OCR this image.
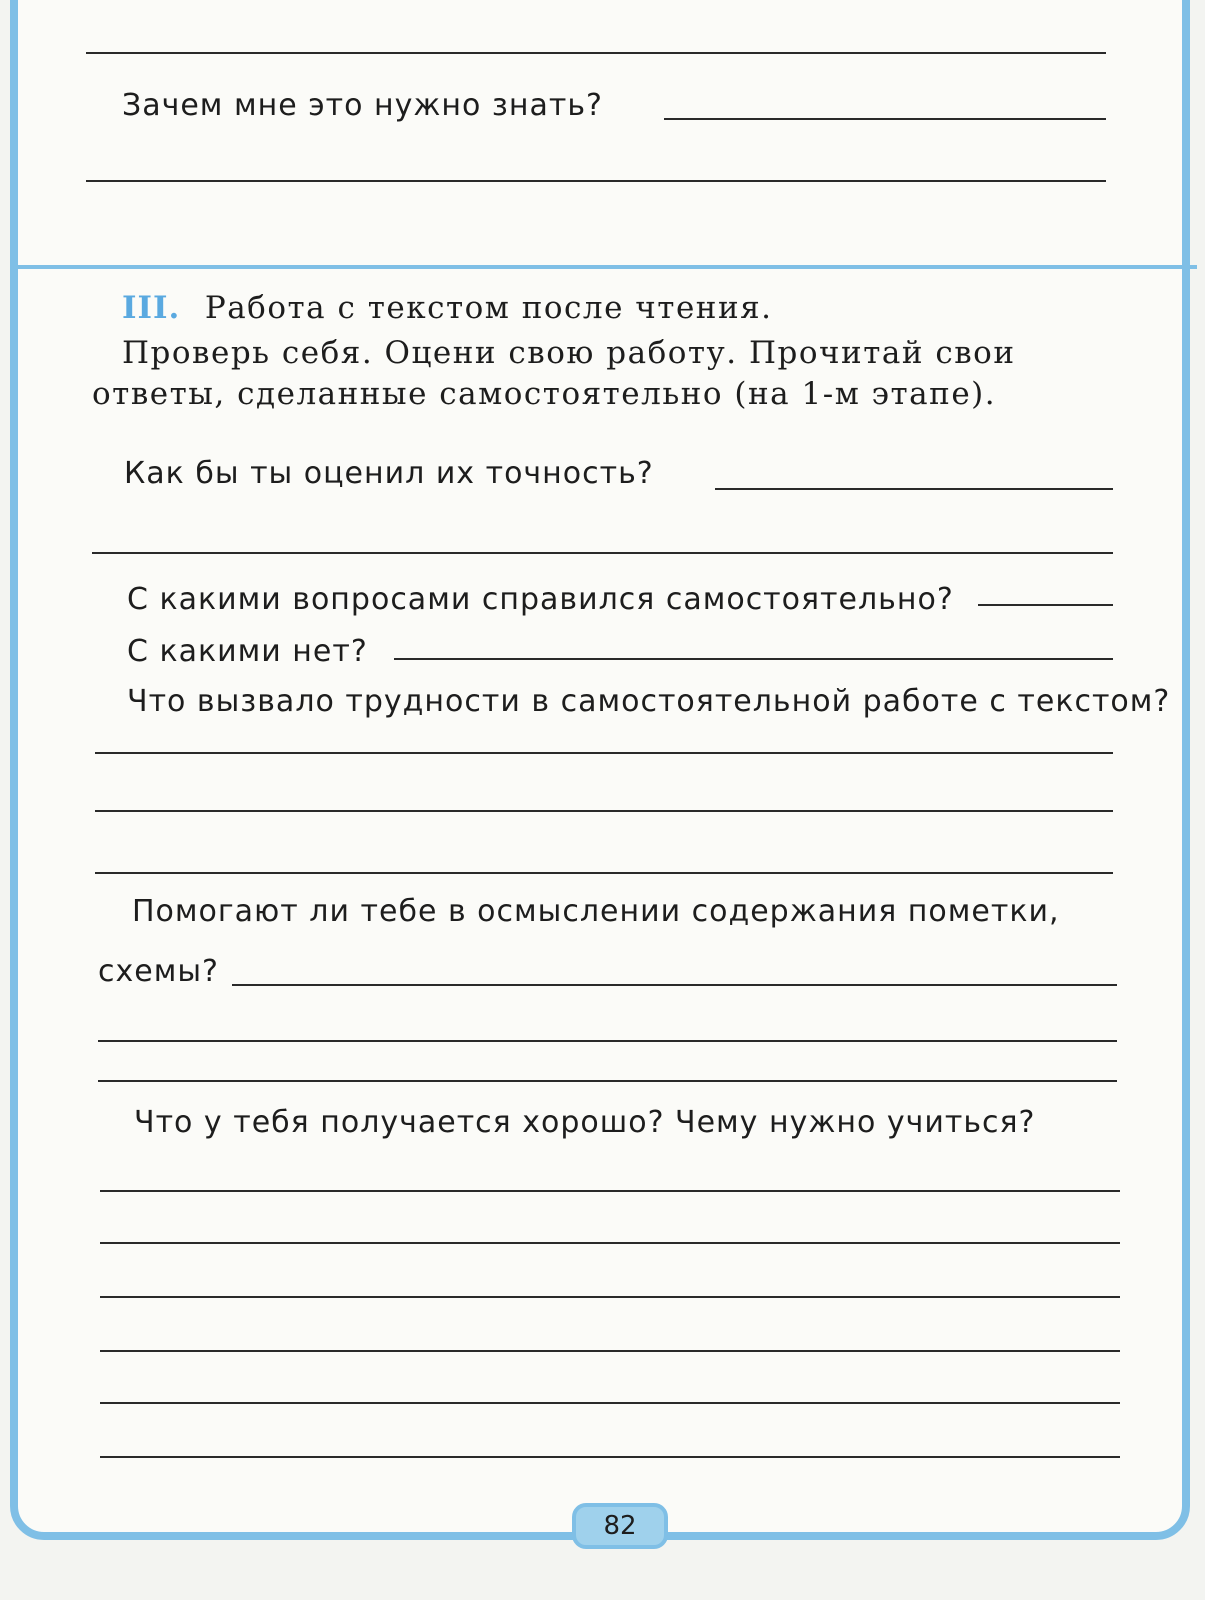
Зачем мне это нужно знать?
III. Работа с текстом после чтения.
Проверь себя. Оцени свою работу. Прочитай свои
ответы, сделанные самостоятельно (на 1-м этапе).
Как бы ты оценил их точность?
С какими вопросами справился самостоятельно?
С какими нет?
Что вызвало трудности в самостоятельной работе с текстом?
Помогают ли тебе в осмыслении содержания пометки,
схемы?
Что у тебя получается хорошо? Чему нужно учиться?
82
